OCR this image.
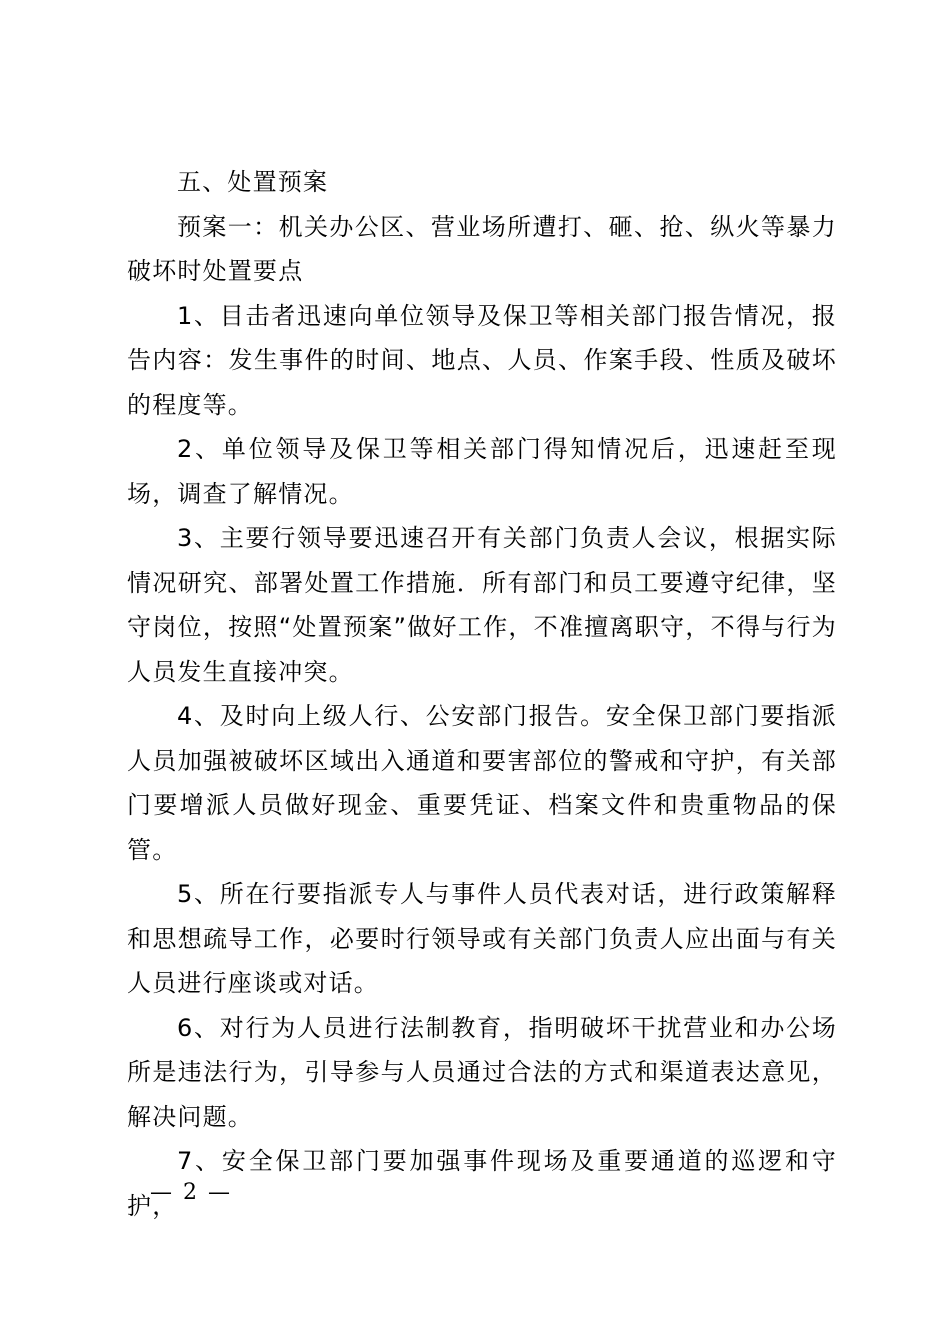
五、处置预案

预案一：机关办公区、营业场所遭打、砸、抢、纵火等暴力破坏时处置要点

1、目击者迅速向单位领导及保卫等相关部门报告情况，报告内容：发生事件的时间、地点、人员、作案手段、性质及破坏的程度等。

2、单位领导及保卫等相关部门得知情况后，迅速赶至现场，调查了解情况。

3、主要行领导要迅速召开有关部门负责人会议，根据实际情况研究、部署处置工作措施．所有部门和员工要遵守纪律，坚守岗位，按照“处置预案”做好工作，不准擅离职守，不得与行为人员发生直接冲突。

4、及时向上级人行、公安部门报告。安全保卫部门要指派人员加强被破坏区域出入通道和要害部位的警戒和守护，有关部门要增派人员做好现金、重要凭证、档案文件和贵重物品的保管。

5、所在行要指派专人与事件人员代表对话，进行政策解释和思想疏导工作，必要时行领导或有关部门负责人应出面与有关人员进行座谈或对话。

6、对行为人员进行法制教育，指明破坏干扰营业和办公场所是违法行为，引导参与人员通过合法的方式和渠道表达意见，解决问题。

7、安全保卫部门要加强事件现场及重要通道的巡逻和守护，

— 2 —
